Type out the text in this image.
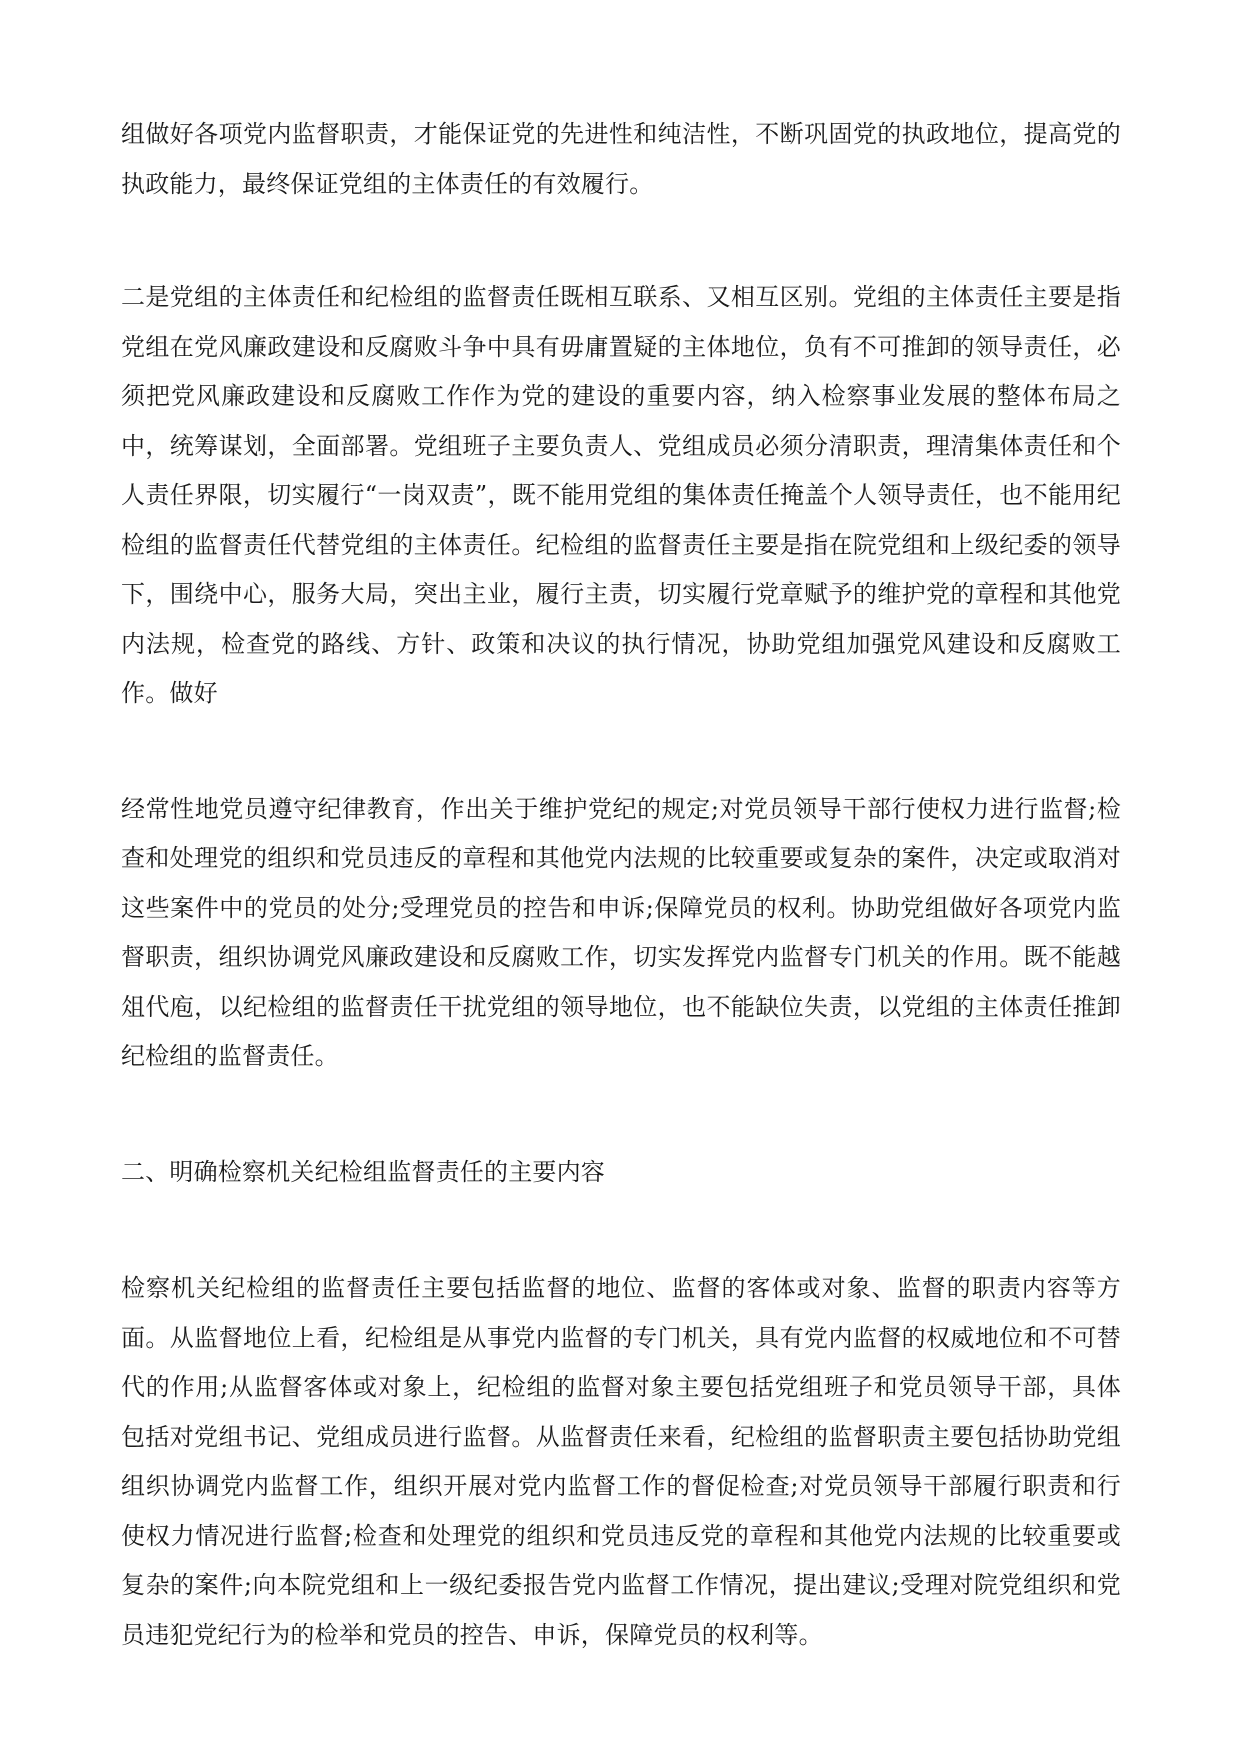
组做好各项党内监督职责，才能保证党的先进性和纯洁性，不断巩固党的执政地位，提高党的执政能力，最终保证党组的主体责任的有效履行。

二是党组的主体责任和纪检组的监督责任既相互联系、又相互区别。党组的主体责任主要是指党组在党风廉政建设和反腐败斗争中具有毋庸置疑的主体地位，负有不可推卸的领导责任，必须把党风廉政建设和反腐败工作作为党的建设的重要内容，纳入检察事业发展的整体布局之中，统筹谋划，全面部署。党组班子主要负责人、党组成员必须分清职责，理清集体责任和个人责任界限，切实履行“一岗双责”，既不能用党组的集体责任掩盖个人领导责任，也不能用纪检组的监督责任代替党组的主体责任。纪检组的监督责任主要是指在院党组和上级纪委的领导下，围绕中心，服务大局，突出主业，履行主责，切实履行党章赋予的维护党的章程和其他党内法规，检查党的路线、方针、政策和决议的执行情况，协助党组加强党风建设和反腐败工作。做好

经常性地党员遵守纪律教育，作出关于维护党纪的规定;对党员领导干部行使权力进行监督;检查和处理党的组织和党员违反的章程和其他党内法规的比较重要或复杂的案件，决定或取消对这些案件中的党员的处分;受理党员的控告和申诉;保障党员的权利。协助党组做好各项党内监督职责，组织协调党风廉政建设和反腐败工作，切实发挥党内监督专门机关的作用。既不能越俎代庖，以纪检组的监督责任干扰党组的领导地位，也不能缺位失责，以党组的主体责任推卸纪检组的监督责任。

二、明确检察机关纪检组监督责任的主要内容

检察机关纪检组的监督责任主要包括监督的地位、监督的客体或对象、监督的职责内容等方面。从监督地位上看，纪检组是从事党内监督的专门机关，具有党内监督的权威地位和不可替代的作用;从监督客体或对象上，纪检组的监督对象主要包括党组班子和党员领导干部，具体包括对党组书记、党组成员进行监督。从监督责任来看，纪检组的监督职责主要包括协助党组组织协调党内监督工作，组织开展对党内监督工作的督促检查;对党员领导干部履行职责和行使权力情况进行监督;检查和处理党的组织和党员违反党的章程和其他党内法规的比较重要或复杂的案件;向本院党组和上一级纪委报告党内监督工作情况，提出建议;受理对院党组织和党员违犯党纪行为的检举和党员的控告、申诉，保障党员的权利等。
